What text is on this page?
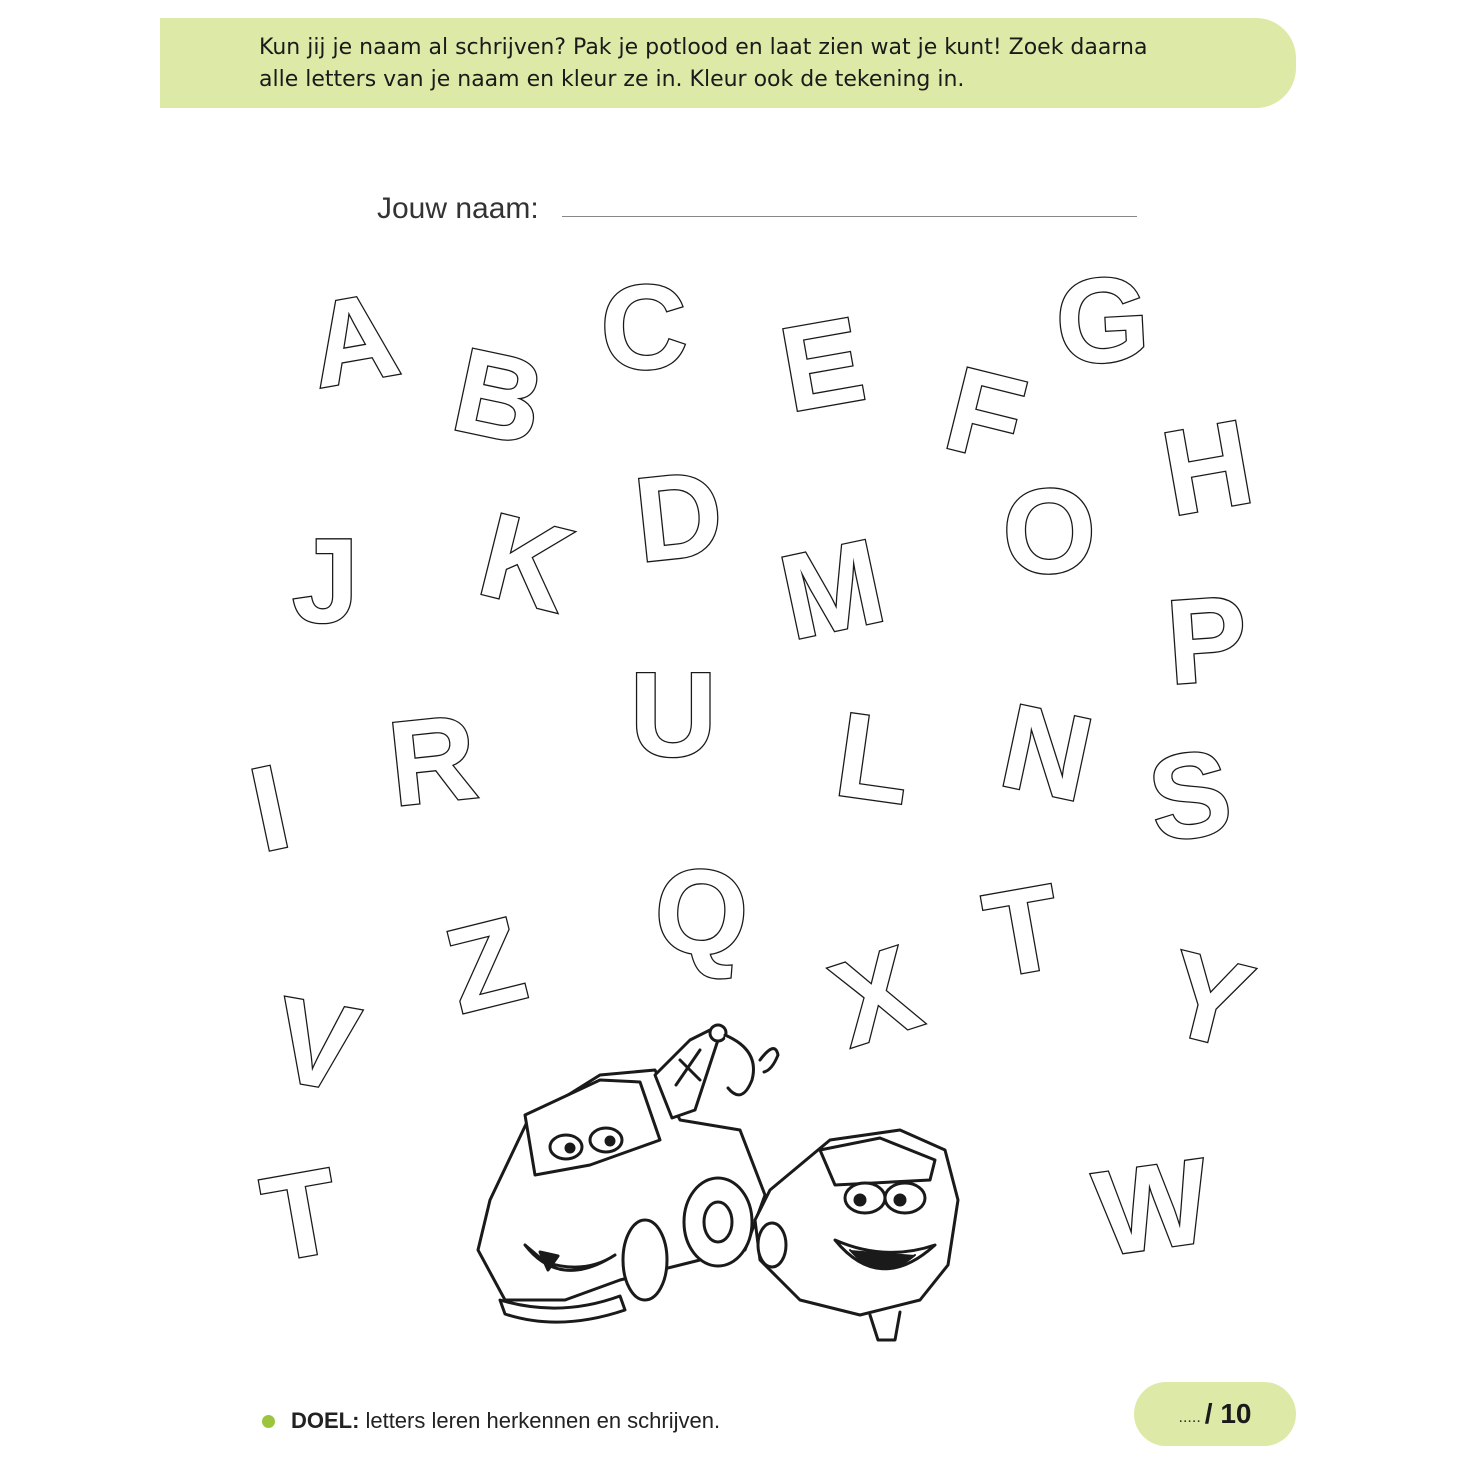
Kun jij je naam al schrijven? Pak je potlood en laat zien wat je kunt! Zoek daarna

alle letters van je naam en kleur ze in. Kleur ook de tekening in.

Jouw naam:
A B C E G
F H
J K D M O
P
I R U L N S
Q T
Z X Y
V
T	W
DOEL: letters leren herkennen en schrijven.	..... / 10
